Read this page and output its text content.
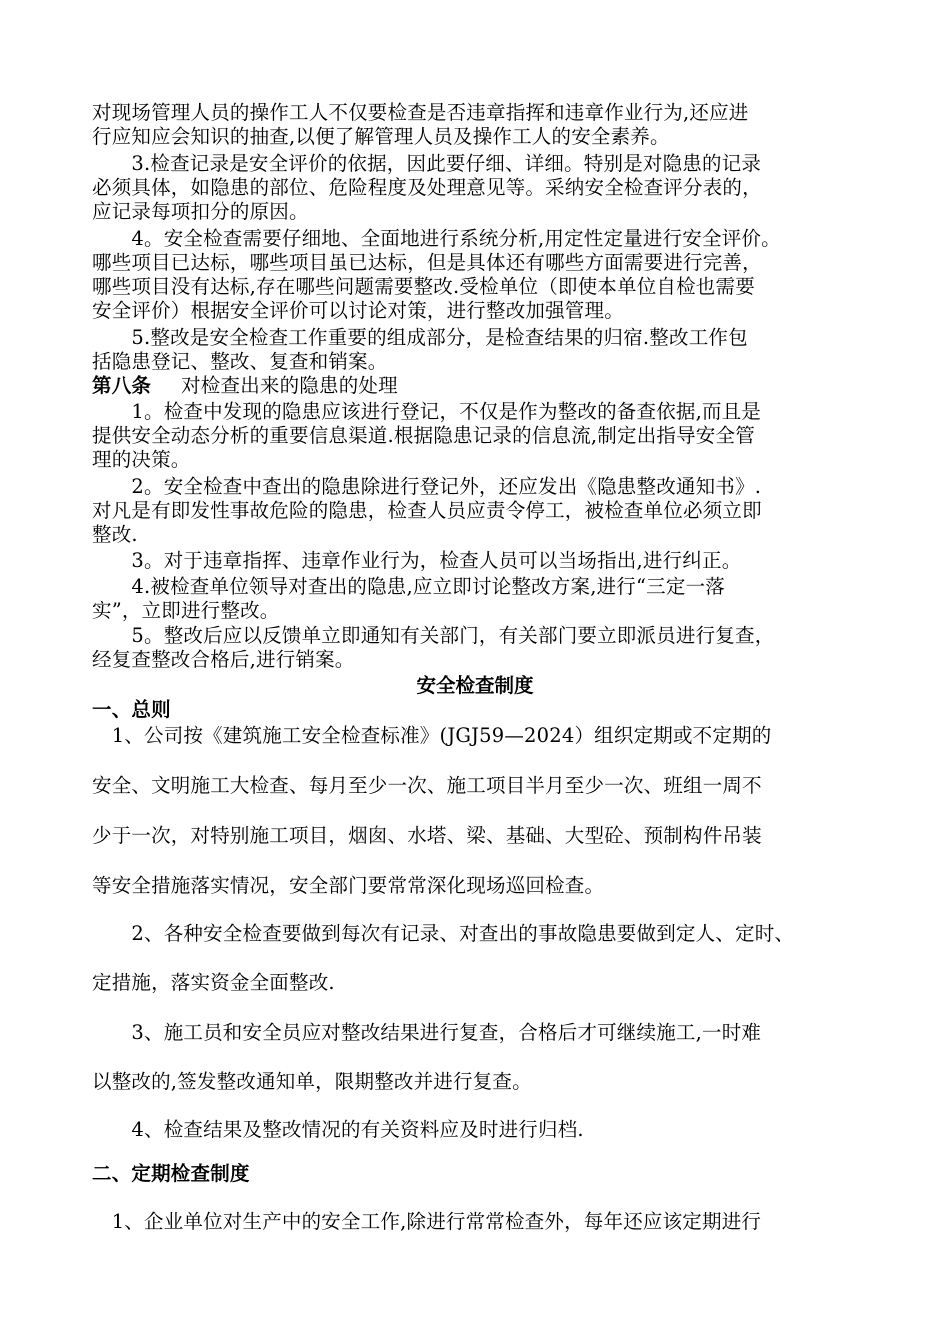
对现场管理人员的操作工人不仅要检查是否违章指挥和违章作业行为,还应进
行应知应会知识的抽查,以便了解管理人员及操作工人的安全素养。
　　3.检查记录是安全评价的依据，因此要仔细、详细。特别是对隐患的记录
必须具体，如隐患的部位、危险程度及处理意见等。采纳安全检查评分表的，
应记录每项扣分的原因。
　　4。安全检查需要仔细地、全面地进行系统分析,用定性定量进行安全评价。
哪些项目已达标，哪些项目虽已达标，但是具体还有哪些方面需要进行完善，
哪些项目没有达标,存在哪些问题需要整改.受检单位（即使本单位自检也需要
安全评价）根据安全评价可以讨论对策，进行整改加强管理。
　　5.整改是安全检查工作重要的组成部分，是检查结果的归宿.整改工作包
括隐患登记、整改、复查和销案。
第八条 对检查出来的隐患的处理
　　1。检查中发现的隐患应该进行登记，不仅是作为整改的备查依据,而且是
提供安全动态分析的重要信息渠道.根据隐患记录的信息流,制定出指导安全管
理的决策。
　　2。安全检查中查出的隐患除进行登记外，还应发出《隐患整改通知书》.
对凡是有即发性事故危险的隐患，检查人员应责令停工，被检查单位必须立即
整改.
　　3。对于违章指挥、违章作业行为，检查人员可以当场指出,进行纠正。
　　4.被检查单位领导对查出的隐患,应立即讨论整改方案,进行“三定一落
实”，立即进行整改。
　　5。整改后应以反馈单立即通知有关部门，有关部门要立即派员进行复查，
经复查整改合格后,进行销案。
安全检查制度
一、总则
　1、公司按《建筑施工安全检查标准》(JGJ59—2024）组织定期或不定期的
安全、文明施工大检查、每月至少一次、施工项目半月至少一次、班组一周不
少于一次，对特别施工项目，烟囱、水塔、梁、基础、大型砼、预制构件吊装
等安全措施落实情况，安全部门要常常深化现场巡回检查。
　　2、各种安全检查要做到每次有记录、对查出的事故隐患要做到定人、定时、
定措施，落实资金全面整改.
　　3、施工员和安全员应对整改结果进行复查，合格后才可继续施工,一时难
以整改的,签发整改通知单，限期整改并进行复查。
　　4、检查结果及整改情况的有关资料应及时进行归档.
二、定期检查制度
　1、企业单位对生产中的安全工作,除进行常常检查外，每年还应该定期进行
